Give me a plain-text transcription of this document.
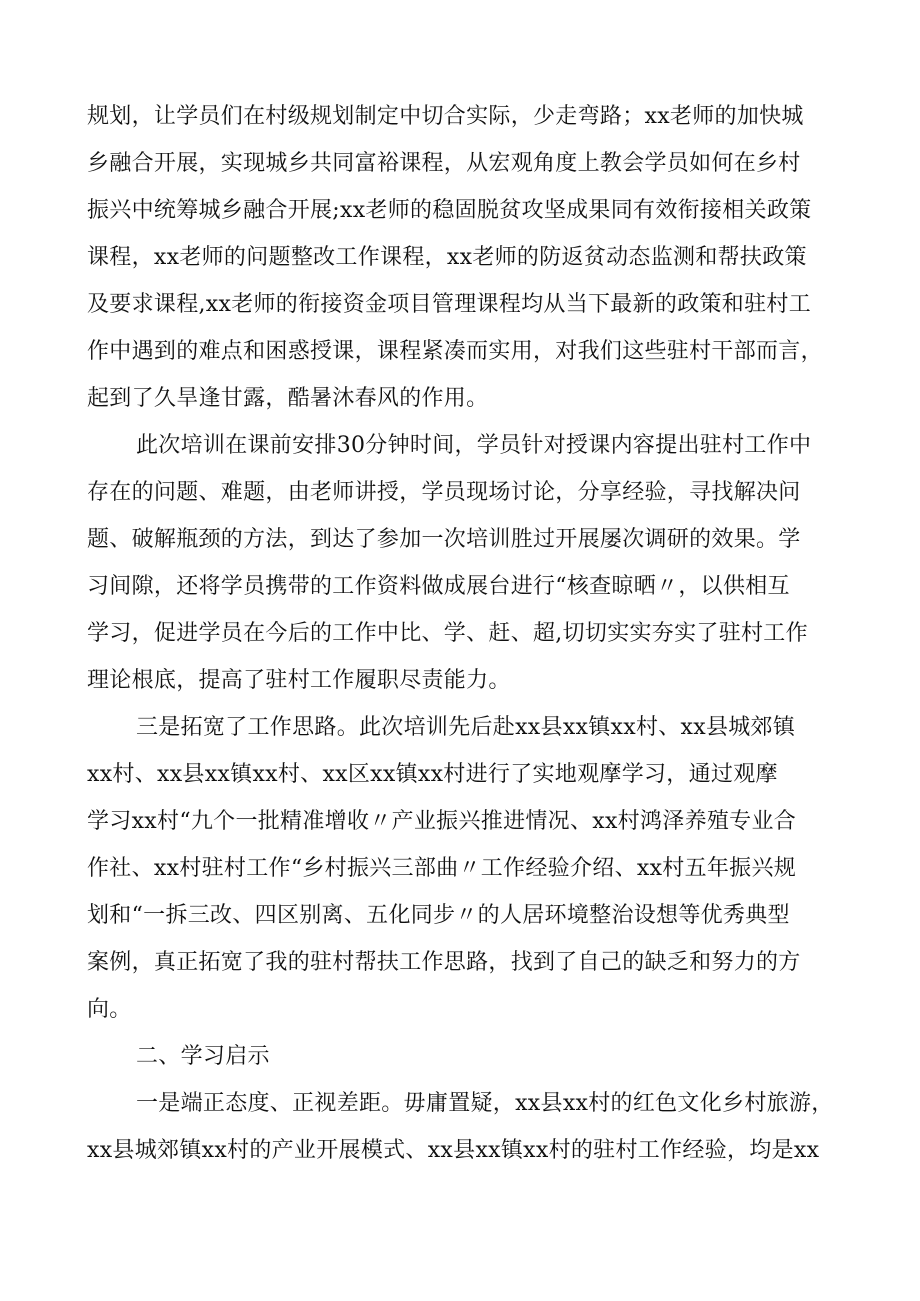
规划，让学员们在村级规划制定中切合实际，少走弯路；xx老师的加快城
乡融合开展，实现城乡共同富裕课程，从宏观角度上教会学员如何在乡村
振兴中统筹城乡融合开展;xx老师的稳固脱贫攻坚成果同有效衔接相关政策
课程，xx老师的问题整改工作课程，xx老师的防返贫动态监测和帮扶政策
及要求课程,xx老师的衔接资金项目管理课程均从当下最新的政策和驻村工
作中遇到的难点和困惑授课，课程紧凑而实用，对我们这些驻村干部而言，
起到了久旱逢甘露，酷暑沐春风的作用。
此次培训在课前安排30分钟时间，学员针对授课内容提出驻村工作中
存在的问题、难题，由老师讲授，学员现场讨论，分享经验，寻找解决问
题、破解瓶颈的方法，到达了参加一次培训胜过开展屡次调研的效果。学
习间隙，还将学员携带的工作资料做成展台进行“核查晾晒〃，以供相互
学习，促进学员在今后的工作中比、学、赶、超,切切实实夯实了驻村工作
理论根底，提高了驻村工作履职尽责能力。
三是拓宽了工作思路。此次培训先后赴xx县xx镇xx村、xx县城郊镇
xx村、xx县xx镇xx村、xx区xx镇xx村进行了实地观摩学习，通过观摩
学习xx村“九个一批精准增收〃产业振兴推进情况、xx村鸿泽养殖专业合
作社、xx村驻村工作“乡村振兴三部曲〃工作经验介绍、xx村五年振兴规
划和“一拆三改、四区别离、五化同步〃的人居环境整治设想等优秀典型
案例，真正拓宽了我的驻村帮扶工作思路，找到了自己的缺乏和努力的方
向。
二、学习启示
一是端正态度、正视差距。毋庸置疑，xx县xx村的红色文化乡村旅游，
xx县城郊镇xx村的产业开展模式、xx县xx镇xx村的驻村工作经验，均是xx
